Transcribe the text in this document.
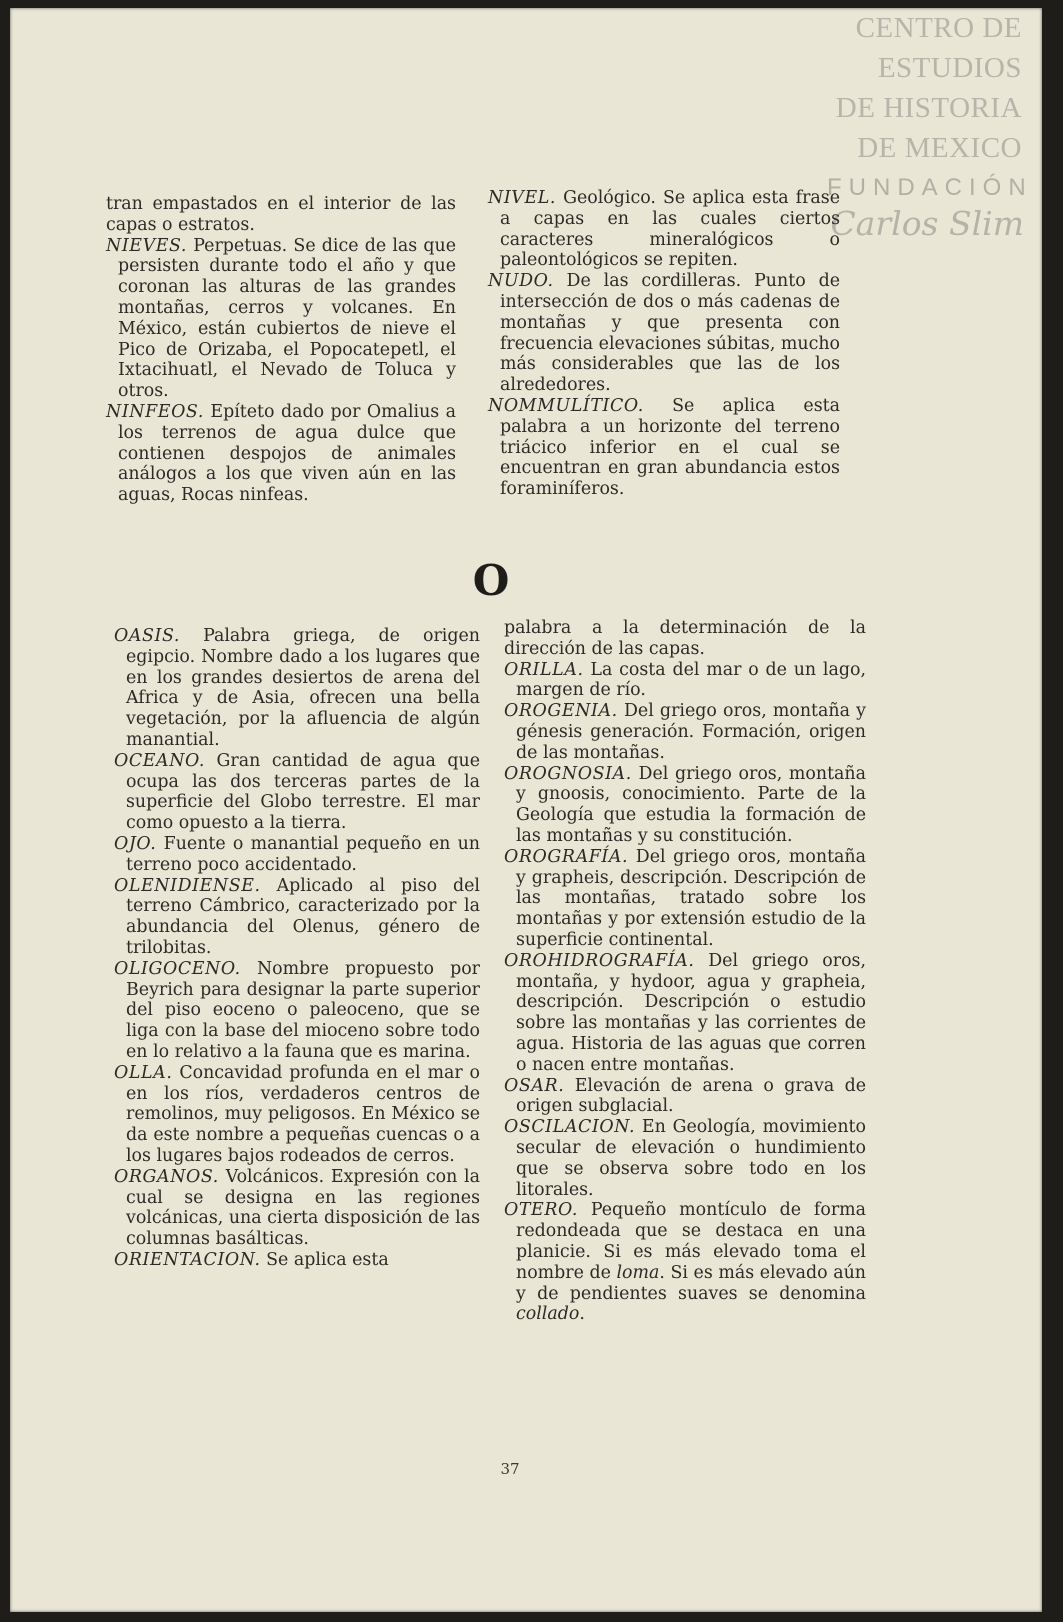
CENTRO DE
ESTUDIOS
DE HISTORIA
DE MEXICO
FUNDACIÓN
Carlos Slim
tran empastados en el interior de las capas o estratos.
NIEVES. Perpetuas. Se dice de las que persisten durante todo el año y que coronan las alturas de las grandes montañas, cerros y volcanes. En México, están cubiertos de nieve el Pico de Orizaba, el Popocatepetl, el Ixtacihuatl, el Nevado de Toluca y otros.
NINFEOS. Epíteto dado por Omalius a los terrenos de agua dulce que contienen despojos de animales análogos a los que viven aún en las aguas, Rocas ninfeas.
NIVEL. Geológico. Se aplica esta frase a capas en las cuales ciertos caracteres mineralógicos o paleontológicos se repiten.
NUDO. De las cordilleras. Punto de intersección de dos o más cadenas de montañas y que presenta con frecuencia elevaciones súbitas, mucho más considerables que las de los alrededores.
NOMMULÍTICO. Se aplica esta palabra a un horizonte del terreno triácico inferior en el cual se encuentran en gran abundancia estos foraminíferos.
O
OASIS. Palabra griega, de origen egipcio. Nombre dado a los lugares que en los grandes desiertos de arena del Africa y de Asia, ofrecen una bella vegetación, por la afluencia de algún manantial.
OCEANO. Gran cantidad de agua que ocupa las dos terceras partes de la superficie del Globo terrestre. El mar como opuesto a la tierra.
OJO. Fuente o manantial pequeño en un terreno poco accidentado.
OLENIDIENSE. Aplicado al piso del terreno Cámbrico, caracterizado por la abundancia del Olenus, género de trilobitas.
OLIGOCENO. Nombre propuesto por Beyrich para designar la parte superior del piso eoceno o paleoceno, que se liga con la base del mioceno sobre todo en lo relativo a la fauna que es marina.
OLLA. Concavidad profunda en el mar o en los ríos, verdaderos centros de remolinos, muy peligosos. En México se da este nombre a pequeñas cuencas o a los lugares bajos rodeados de cerros.
ORGANOS. Volcánicos. Expresión con la cual se designa en las regiones volcánicas, una cierta disposición de las columnas basálticas.
ORIENTACION. Se aplica esta
palabra a la determinación de la dirección de las capas.
ORILLA. La costa del mar o de un lago, margen de río.
OROGENIA. Del griego oros, montaña y génesis generación. Formación, origen de las montañas.
OROGNOSIA. Del griego oros, montaña y gnoosis, conocimiento. Parte de la Geología que estudia la formación de las montañas y su constitución.
OROGRAFÍA. Del griego oros, montaña y grapheis, descripción. Descripción de las montañas, tratado sobre los montañas y por extensión estudio de la superficie continental.
OROHIDROGRAFÍA. Del griego oros, montaña, y hydoor, agua y grapheia, descripción. Descripción o estudio sobre las montañas y las corrientes de agua. Historia de las aguas que corren o nacen entre montañas.
OSAR. Elevación de arena o grava de origen subglacial.
OSCILACION. En Geología, movimiento secular de elevación o hundimiento que se observa sobre todo en los litorales.
OTERO. Pequeño montículo de forma redondeada que se destaca en una planicie. Si es más elevado toma el nombre de loma. Si es más elevado aún y de pendientes suaves se denomina collado.
37
